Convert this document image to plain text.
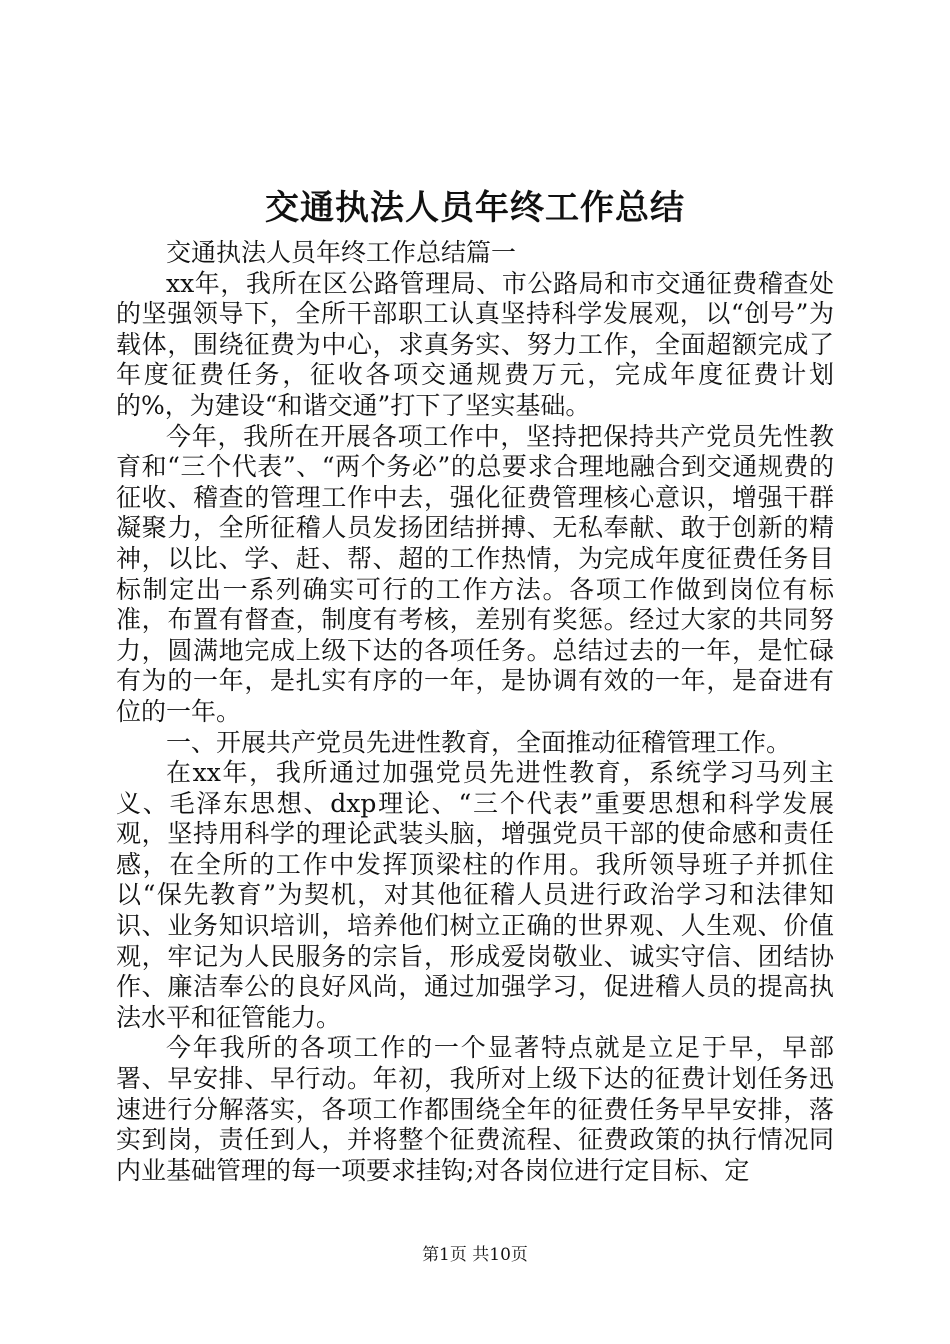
交通执法人员年终工作总结

交通执法人员年终工作总结篇一

xx年，我所在区公路管理局、市公路局和市交通征费稽查处的坚强领导下，全所干部职工认真坚持科学发展观，以“创号”为载体，围绕征费为中心，求真务实、努力工作，全面超额完成了年度征费任务，征收各项交通规费万元，完成年度征费计划的%，为建设“和谐交通”打下了坚实基础。

今年，我所在开展各项工作中，坚持把保持共产党员先性教育和“三个代表”、“两个务必”的总要求合理地融合到交通规费的征收、稽查的管理工作中去，强化征费管理核心意识，增强干群凝聚力，全所征稽人员发扬团结拼搏、无私奉献、敢于创新的精神，以比、学、赶、帮、超的工作热情，为完成年度征费任务目标制定出一系列确实可行的工作方法。各项工作做到岗位有标准，布置有督查，制度有考核，差别有奖惩。经过大家的共同努力，圆满地完成上级下达的各项任务。总结过去的一年，是忙碌有为的一年，是扎实有序的一年，是协调有效的一年，是奋进有位的一年。

一、开展共产党员先进性教育，全面推动征稽管理工作。

在xx年，我所通过加强党员先进性教育，系统学习马列主义、毛泽东思想、dxp理论、“三个代表”重要思想和科学发展观，坚持用科学的理论武装头脑，增强党员干部的使命感和责任感，在全所的工作中发挥顶梁柱的作用。我所领导班子并抓住以“保先教育”为契机，对其他征稽人员进行政治学习和法律知识、业务知识培训，培养他们树立正确的世界观、人生观、价值观，牢记为人民服务的宗旨，形成爱岗敬业、诚实守信、团结协作、廉洁奉公的良好风尚，通过加强学习，促进稽人员的提高执法水平和征管能力。

今年我所的各项工作的一个显著特点就是立足于早，早部署、早安排、早行动。年初，我所对上级下达的征费计划任务迅速进行分解落实，各项工作都围绕全年的征费任务早早安排，落实到岗，责任到人，并将整个征费流程、征费政策的执行情况同内业基础管理的每一项要求挂钩;对各岗位进行定目标、定

第1页 共10页
